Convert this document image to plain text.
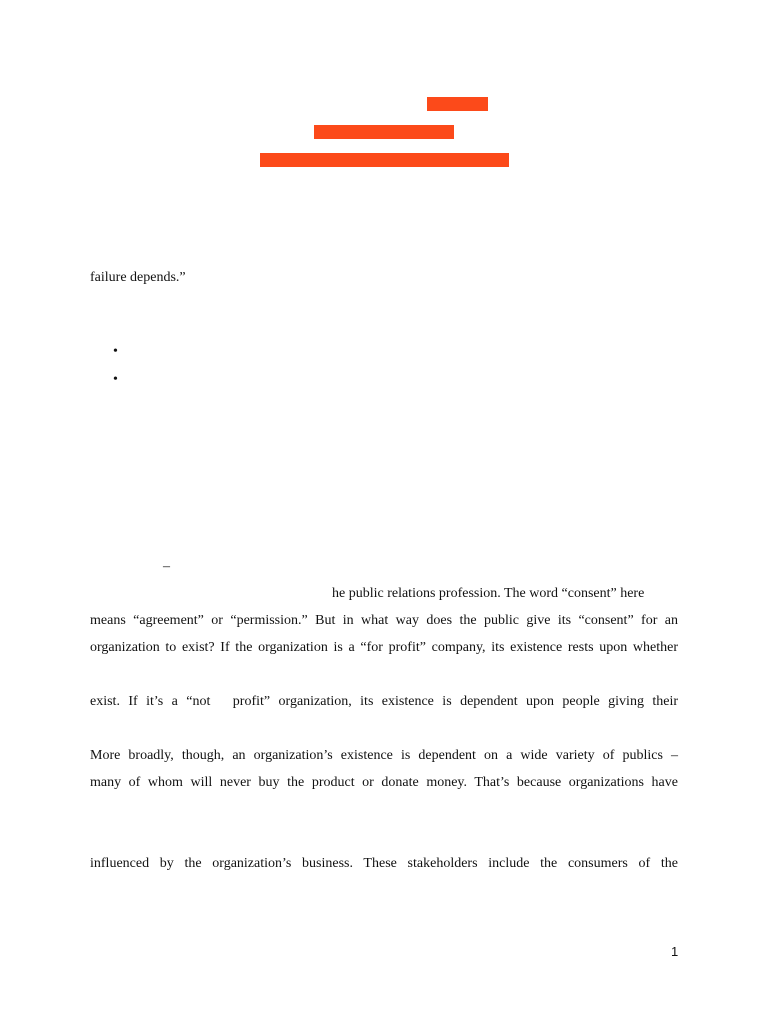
failure depends.”
•
•
–
he public relations profession. The word “consent” here
means “agreement” or “permission.” But in what way does the public give its “consent” for an
organization to exist? If the organization is a “for profit” company, its existence rests upon whether
exist. If it’s a “not profit” organization, its existence is dependent upon people giving their
More broadly, though, an organization’s existence is dependent on a wide variety of publics –
many of whom will never buy the product or donate money. That’s because organizations have
influenced by the organization’s business. These stakeholders include the consumers of the
1
